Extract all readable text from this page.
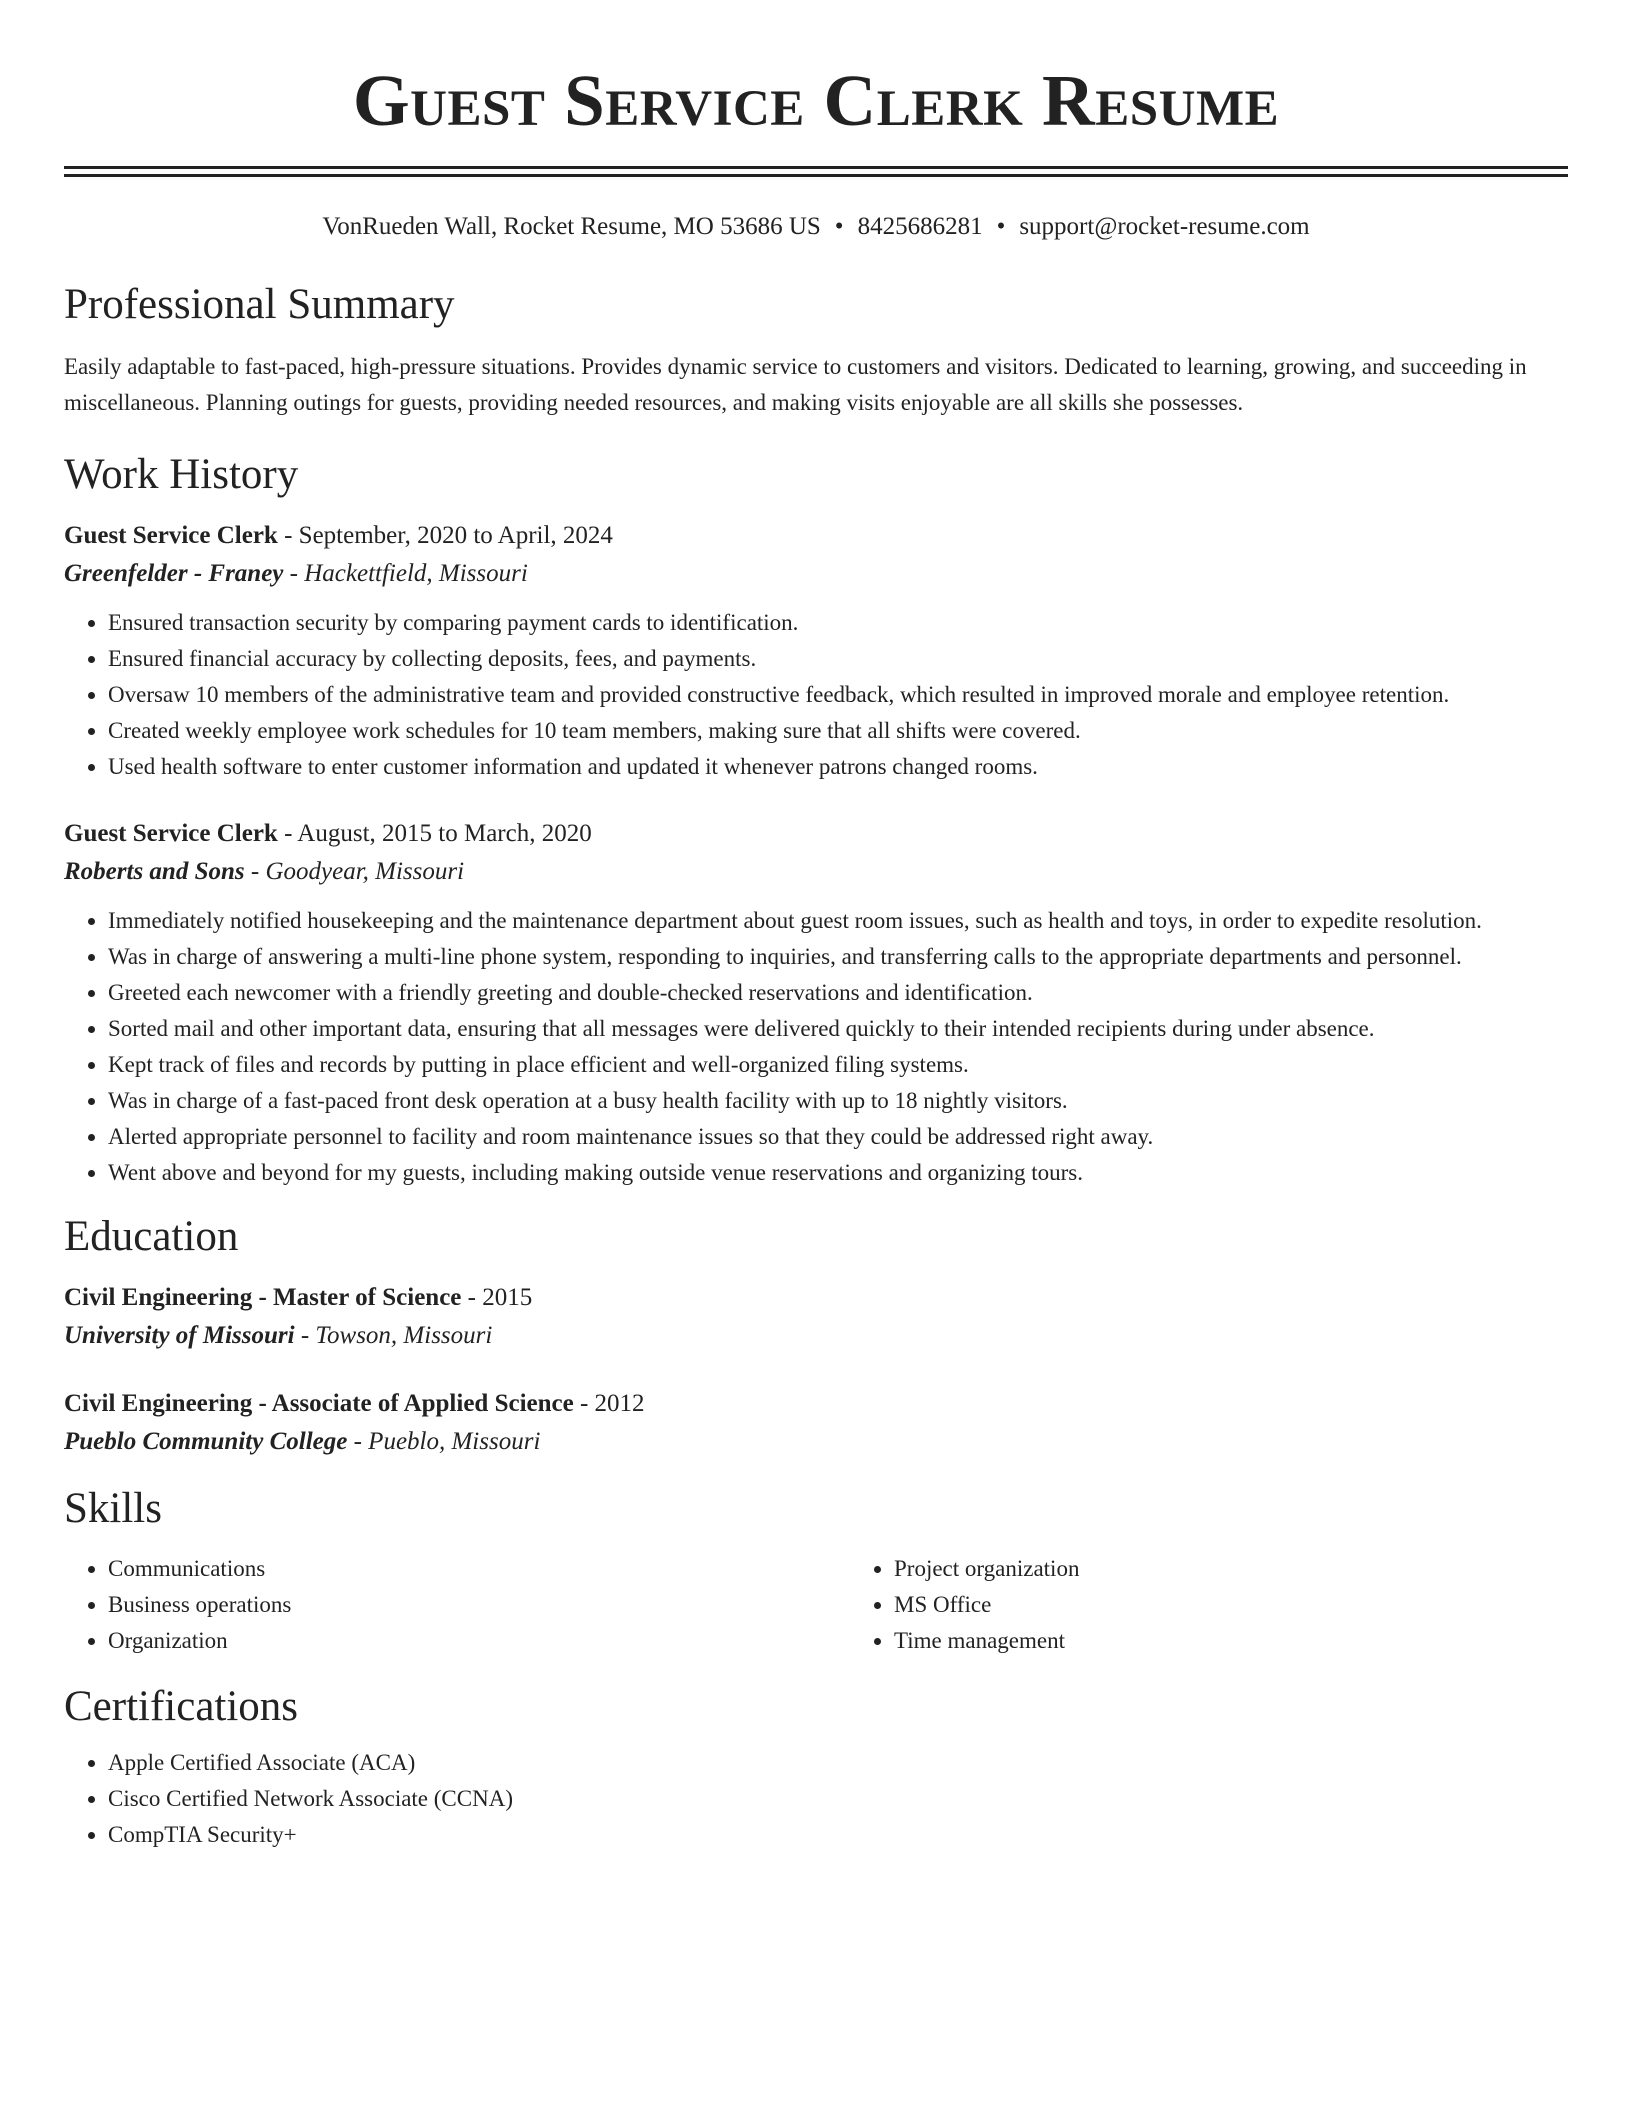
Guest Service Clerk Resume
VonRueden Wall, Rocket Resume, MO 53686 US • 8425686281 • support@rocket-resume.com
Professional Summary
Easily adaptable to fast-paced, high-pressure situations. Provides dynamic service to customers and visitors. Dedicated to learning, growing, and succeeding in miscellaneous. Planning outings for guests, providing needed resources, and making visits enjoyable are all skills she possesses.
Work History
Guest Service Clerk - September, 2020 to April, 2024
Greenfelder - Franey - Hackettfield, Missouri
• Ensured transaction security by comparing payment cards to identification.
• Ensured financial accuracy by collecting deposits, fees, and payments.
• Oversaw 10 members of the administrative team and provided constructive feedback, which resulted in improved morale and employee retention.
• Created weekly employee work schedules for 10 team members, making sure that all shifts were covered.
• Used health software to enter customer information and updated it whenever patrons changed rooms.
Guest Service Clerk - August, 2015 to March, 2020
Roberts and Sons - Goodyear, Missouri
• Immediately notified housekeeping and the maintenance department about guest room issues, such as health and toys, in order to expedite resolution.
• Was in charge of answering a multi-line phone system, responding to inquiries, and transferring calls to the appropriate departments and personnel.
• Greeted each newcomer with a friendly greeting and double-checked reservations and identification.
• Sorted mail and other important data, ensuring that all messages were delivered quickly to their intended recipients during under absence.
• Kept track of files and records by putting in place efficient and well-organized filing systems.
• Was in charge of a fast-paced front desk operation at a busy health facility with up to 18 nightly visitors.
• Alerted appropriate personnel to facility and room maintenance issues so that they could be addressed right away.
• Went above and beyond for my guests, including making outside venue reservations and organizing tours.
Education
Civil Engineering - Master of Science - 2015
University of Missouri - Towson, Missouri
Civil Engineering - Associate of Applied Science - 2012
Pueblo Community College - Pueblo, Missouri
Skills
• Communications
• Business operations
• Organization
• Project organization
• MS Office
• Time management
Certifications
• Apple Certified Associate (ACA)
• Cisco Certified Network Associate (CCNA)
• CompTIA Security+
